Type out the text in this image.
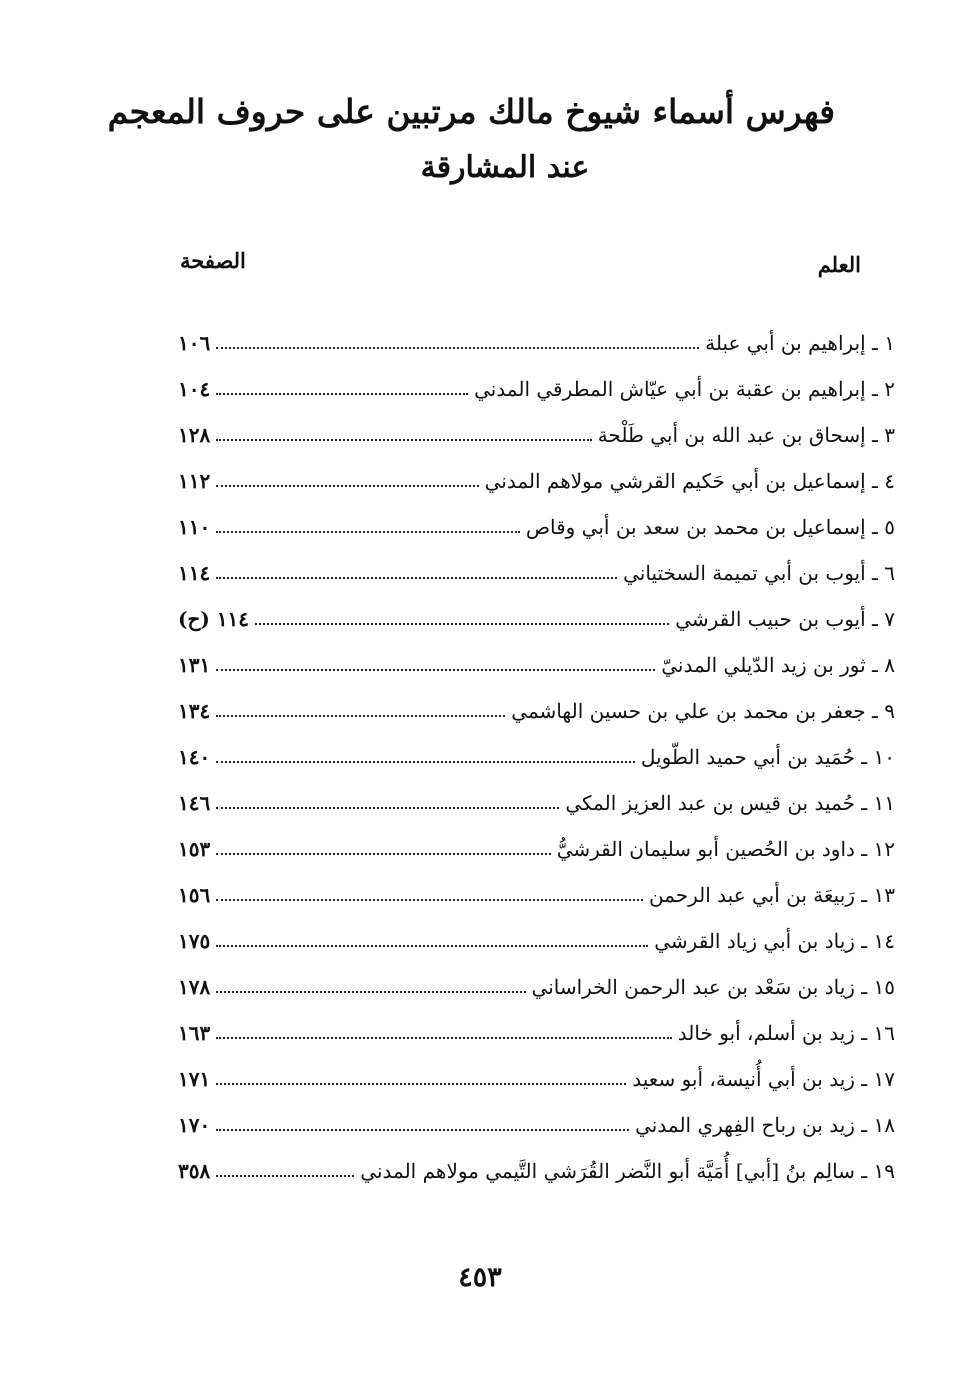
فهرس أسماء شيوخ مالك مرتبين على حروف المعجم
عند المشارقة
العلم
الصفحة
١ ـ إبراهيم بن أبي عبلة
١٠٦
٢ ـ إبراهيم بن عقبة بن أبي عيّاش المطرقي المدني
١٠٤
٣ ـ إسحاق بن عبد الله بن أبي طَلْحة
١٢٨
٤ ـ إسماعيل بن أبي حَكيم القرشي مولاهم المدني
١١٢
٥ ـ إسماعيل بن محمد بن سعد بن أبي وقاص
١١٠
٦ ـ أيوب بن أبي تميمة السختياني
١١٤
٧ ـ أيوب بن حبيب القرشي
١١٤ (ح)
٨ ـ ثور بن زيد الدّيلي المدنيّ
١٣١
٩ ـ جعفر بن محمد بن علي بن حسين الهاشمي
١٣٤
١٠ ـ حُمَيد بن أبي حميد الطّويل
١٤٠
١١ ـ حُميد بن قيس بن عبد العزيز المكي
١٤٦
١٢ ـ داود بن الحُصين أبو سليمان القرشيُّ
١٥٣
١٣ ـ رَبيعَة بن أبي عبد الرحمن
١٥٦
١٤ ـ زياد بن أبي زياد القرشي
١٧٥
١٥ ـ زياد بن سَعْد بن عبد الرحمن الخراساني
١٧٨
١٦ ـ زيد بن أسلم، أبو خالد
١٦٣
١٧ ـ زيد بن أبي أُنيسة، أبو سعيد
١٧١
١٨ ـ زيد بن رباح الفِهري المدني
١٧٠
١٩ ـ سالِم بنُ [أبي] أُمَيَّة أبو النَّضر القُرَشي التَّيمي مولاهم المدني
٣٥٨
٤٥٣
